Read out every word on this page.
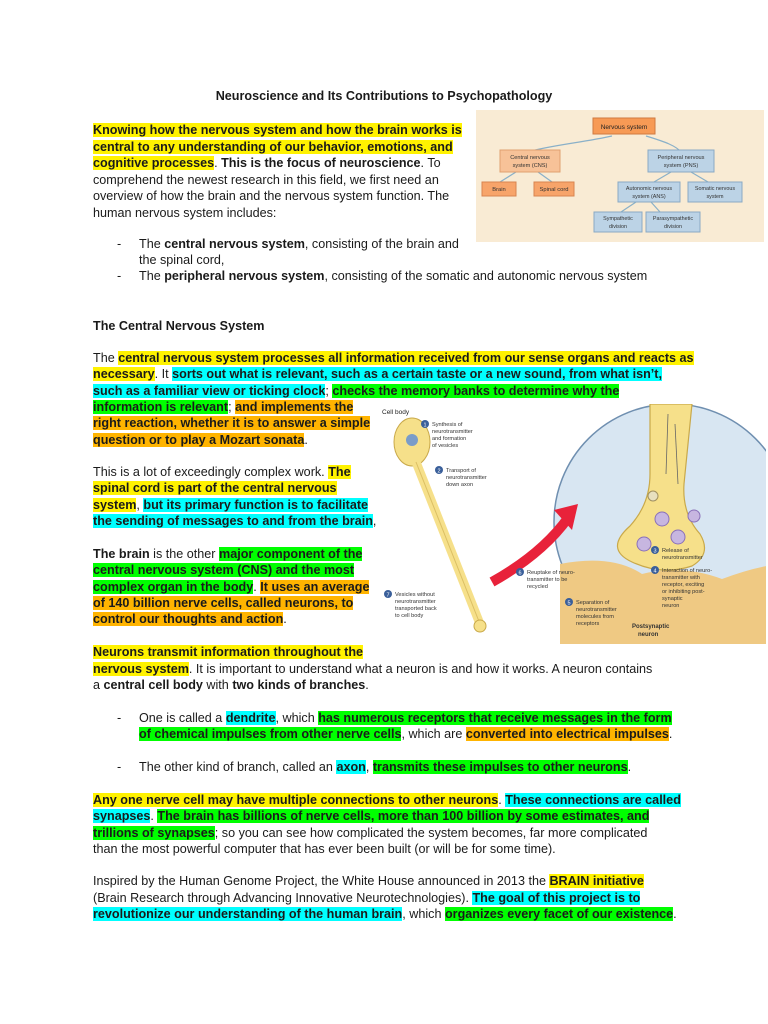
Neuroscience and Its Contributions to Psychopathology

Knowing how the nervous system and how the brain works is

central to any understanding of our behavior, emotions, and

cognitive processes. This is the focus of neuroscience. To

comprehend the newest research in this field, we first need an

overview of how the brain and the nervous system function. The

human nervous system includes:

Nervous system
Central nervous
system (CNS)
Peripheral nervous
system (PNS)
Brain	Spinal cord	Autonomic nervous
system (ANS)
Somatic nervous
system
Sympathetic
division
Parasympathetic
division
- The central nervous system, consisting of the brain and

the spinal cord,

- The peripheral nervous system, consisting of the somatic and autonomic nervous system

The Central Nervous System

The central nervous system processes all information received from our sense organs and reacts as

necessary. It sorts out what is relevant, such as a certain taste or a new sound, from what isn’t,

such as a familiar view or ticking clock; checks the memory banks to determine why the

information is relevant; and implements the

right reaction, whether it is to answer a simple

question or to play a Mozart sonata.

This is a lot of exceedingly complex work. The

spinal cord is part of the central nervous

system, but its primary function is to facilitate

the sending of messages to and from the brain,

The brain is the other major component of the

central nervous system (CNS) and the most

complex organ in the body. It uses an average

of 140 billion nerve cells, called neurons, to

control our thoughts and action.

Cell body
1 Synthesis of
neurotransmitter
and formation
of vesicles
2 Transport of
neurotransmitter
down axon
3 Release of
neurotransmitter
4 Interaction of neuro-
transmitter with
receptor, exciting
or inhibiting post-
synaptic
neuron
5 Separation of
neurotransmitter
molecules from
receptors
6 Reuptake of neuro-
transmitter to be
recycled
7 Vesicles without
neurotransmitter
transported back
to cell body
Postsynaptic
neuron

Neurons transmit information throughout the

nervous system. It is important to understand what a neuron is and how it works. A neuron contains

a central cell body with two kinds of branches.

- One is called a dendrite, which has numerous receptors that receive messages in the form

of chemical impulses from other nerve cells, which are converted into electrical impulses.

- The other kind of branch, called an axon, transmits these impulses to other neurons.

Any one nerve cell may have multiple connections to other neurons. These connections are called

synapses. The brain has billions of nerve cells, more than 100 billion by some estimates, and

trillions of synapses; so you can see how complicated the system becomes, far more complicated

than the most powerful computer that has ever been built (or will be for some time).

Inspired by the Human Genome Project, the White House announced in 2013 the BRAIN initiative

(Brain Research through Advancing Innovative Neurotechnologies). The goal of this project is to

revolutionize our understanding of the human brain, which organizes every facet of our existence.
